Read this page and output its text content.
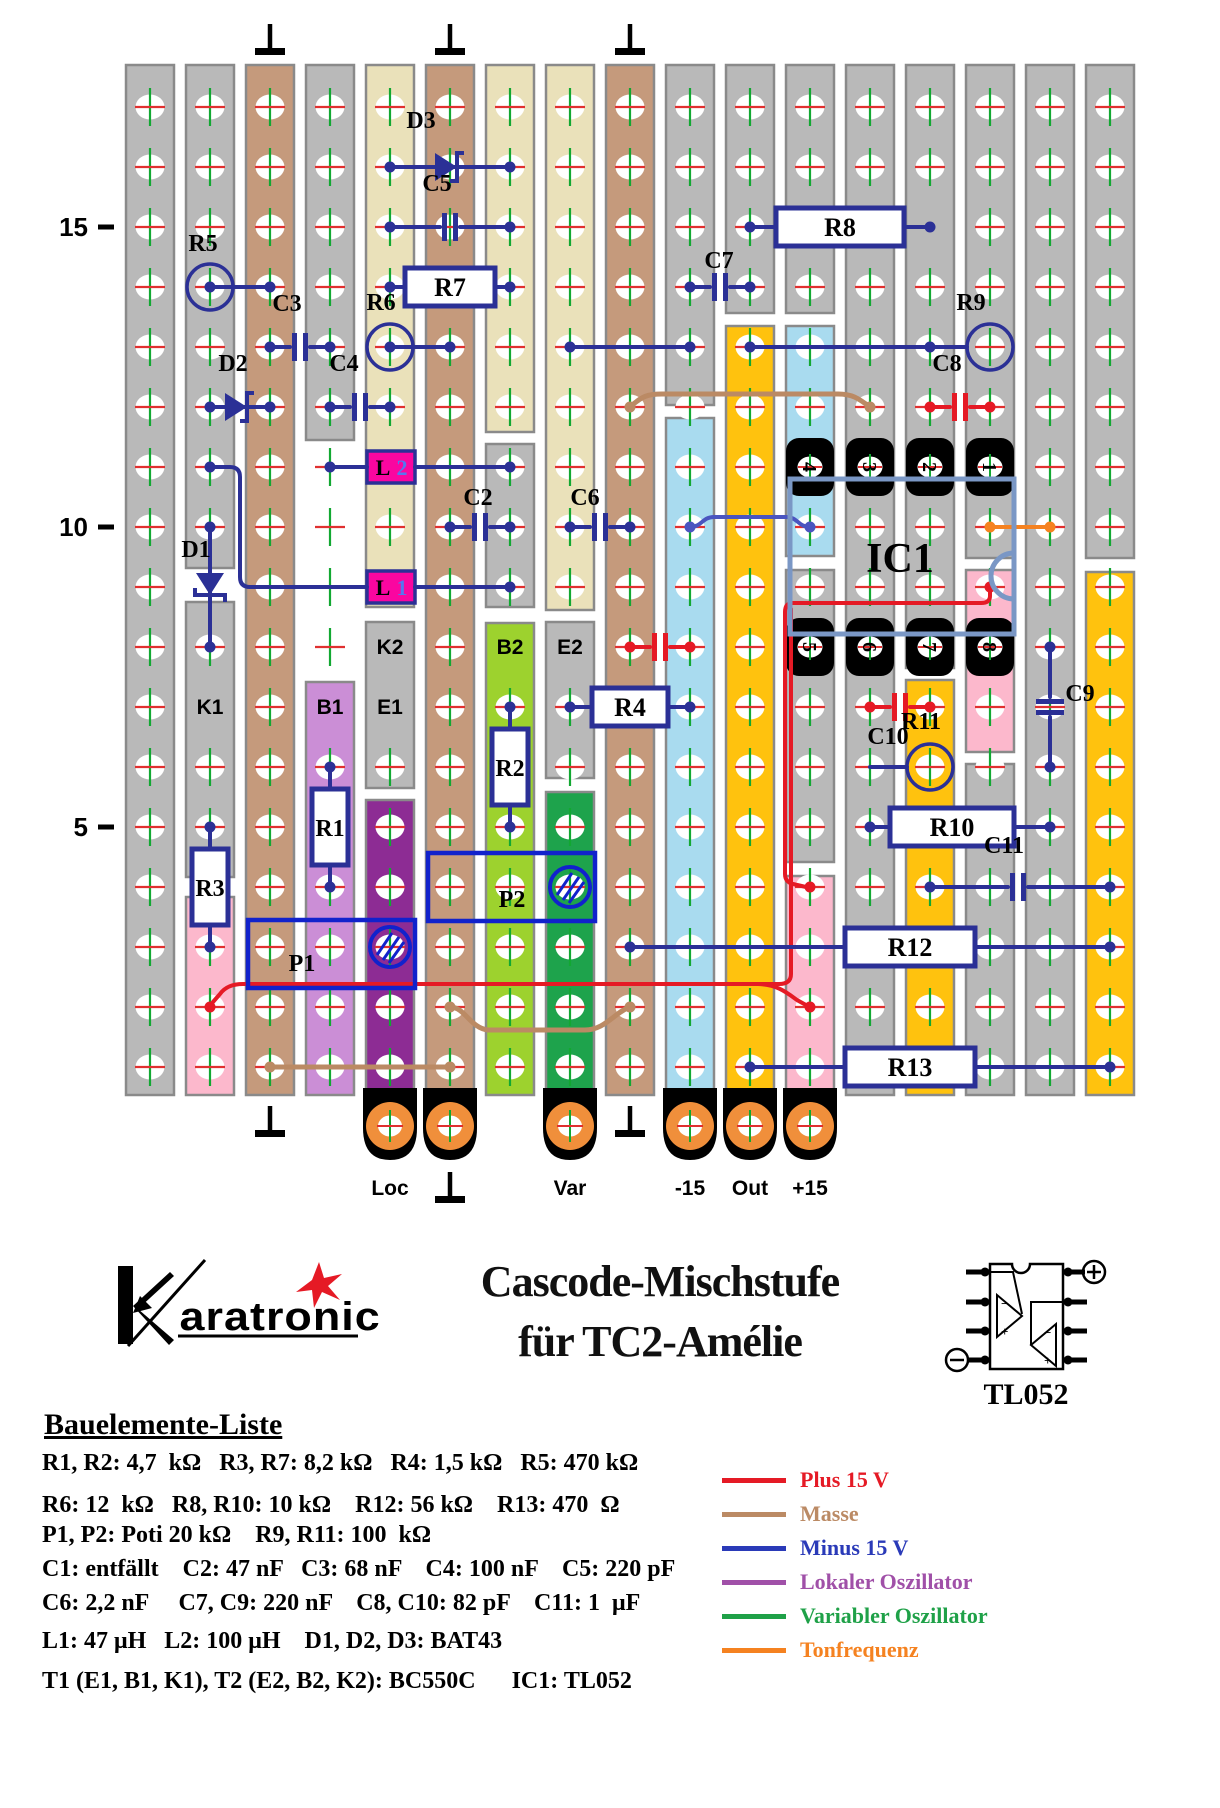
K1	B1 E1
K2	B2 E2
15
10
5
Loc	Var	-15 Out +15
4 3 2 1
5 6 7 8
R5
D2
C3
C4
D3
C5
R7
R6
L 2
L 1
D1
C2	C6
R4
R1
R2
R3
P1
P2
C7
R8
R9
C8
C10
R11
R10
C9
C11
R12
R13
IC1
aratronic
Cascode-Mischstufe
für TC2-Amélie
−
+	−
+
TL052
Bauelemente-Liste
R1, R2: 4,7  kΩ   R3, R7: 8,2 kΩ   R4: 1,5 kΩ   R5: 470 kΩ
R6: 12  kΩ   R8, R10: 10 kΩ    R12: 56 kΩ    R13: 470  Ω
P1, P2: Poti 20 kΩ    R9, R11: 100  kΩ
C1: entfällt    C2: 47 nF   C3: 68 nF    C4: 100 nF    C5: 220 pF
C6: 2,2 nF     C7, C9: 220 nF    C8, C10: 82 pF    C11: 1  μF
L1: 47 μH   L2: 100 μH    D1, D2, D3: BAT43
T1 (E1, B1, K1), T2 (E2, B2, K2): BC550C      IC1: TL052
Plus 15 V
Masse
Minus 15 V
Lokaler Oszillator
Variabler Oszillator
Tonfrequenz
